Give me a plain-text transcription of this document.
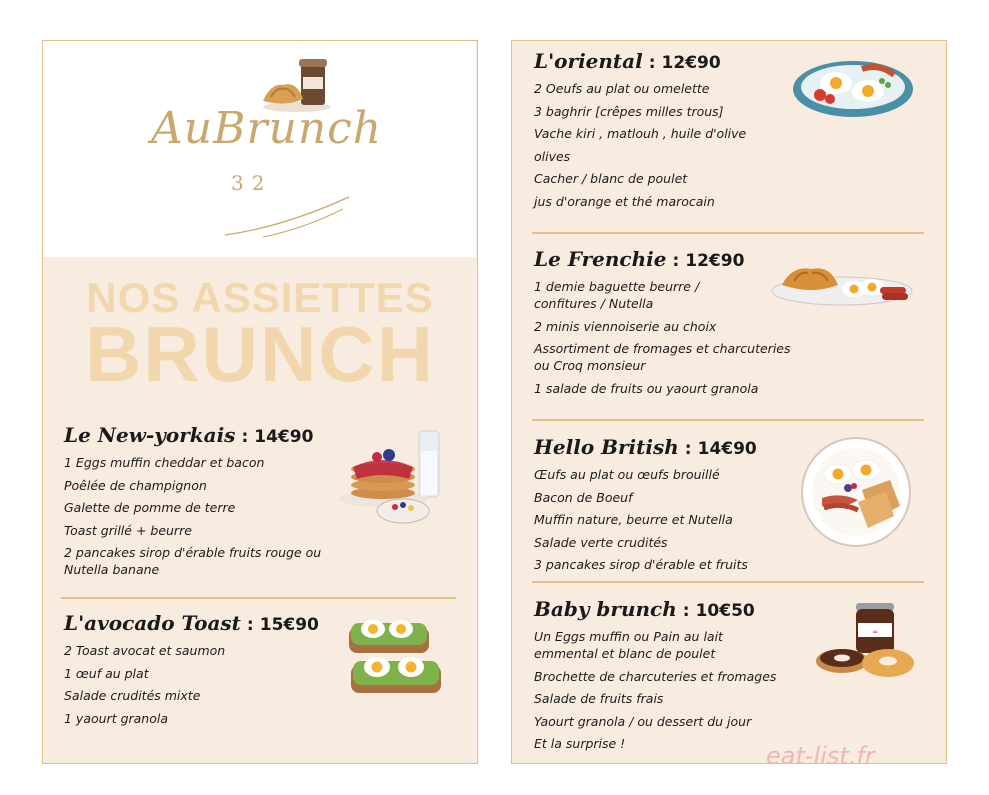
AuBrunch
32
NOS ASSIETTES
BRUNCH
Le New-yorkais : 14€90
1 Eggs muffin cheddar et bacon
Poêlée de champignon
Galette de pomme de terre
Toast grillé + beurre
2 pancakes sirop d'érable fruits rouge ou
Nutella banane
L'avocado Toast : 15€90
2 Toast avocat et saumon
1 œuf au plat
Salade crudités mixte
1 yaourt granola
L'oriental : 12€90
2 Oeufs au plat ou omelette
3 baghrir [crêpes milles trous]
Vache kiri , matlouh , huile d'olive
olives
Cacher / blanc de poulet
jus d'orange et thé marocain
Le Frenchie : 12€90
1 demie baguette beurre /
confitures / Nutella
2 minis viennoiserie au choix
Assortiment de fromages et charcuteries
ou Croq monsieur
1 salade de fruits ou yaourt granola
Hello British : 14€90
Œufs au plat ou œufs brouillé
Bacon de Boeuf
Muffin nature, beurre et Nutella
Salade verte crudités
3 pancakes sirop d'érable et fruits
Baby brunch : 10€50
Un Eggs muffin ou Pain au lait
emmental et blanc de poulet
Brochette de charcuteries et fromages
Salade de fruits frais
Yaourt granola / ou dessert du jour
Et la surprise !
≈
eat-list.fr
